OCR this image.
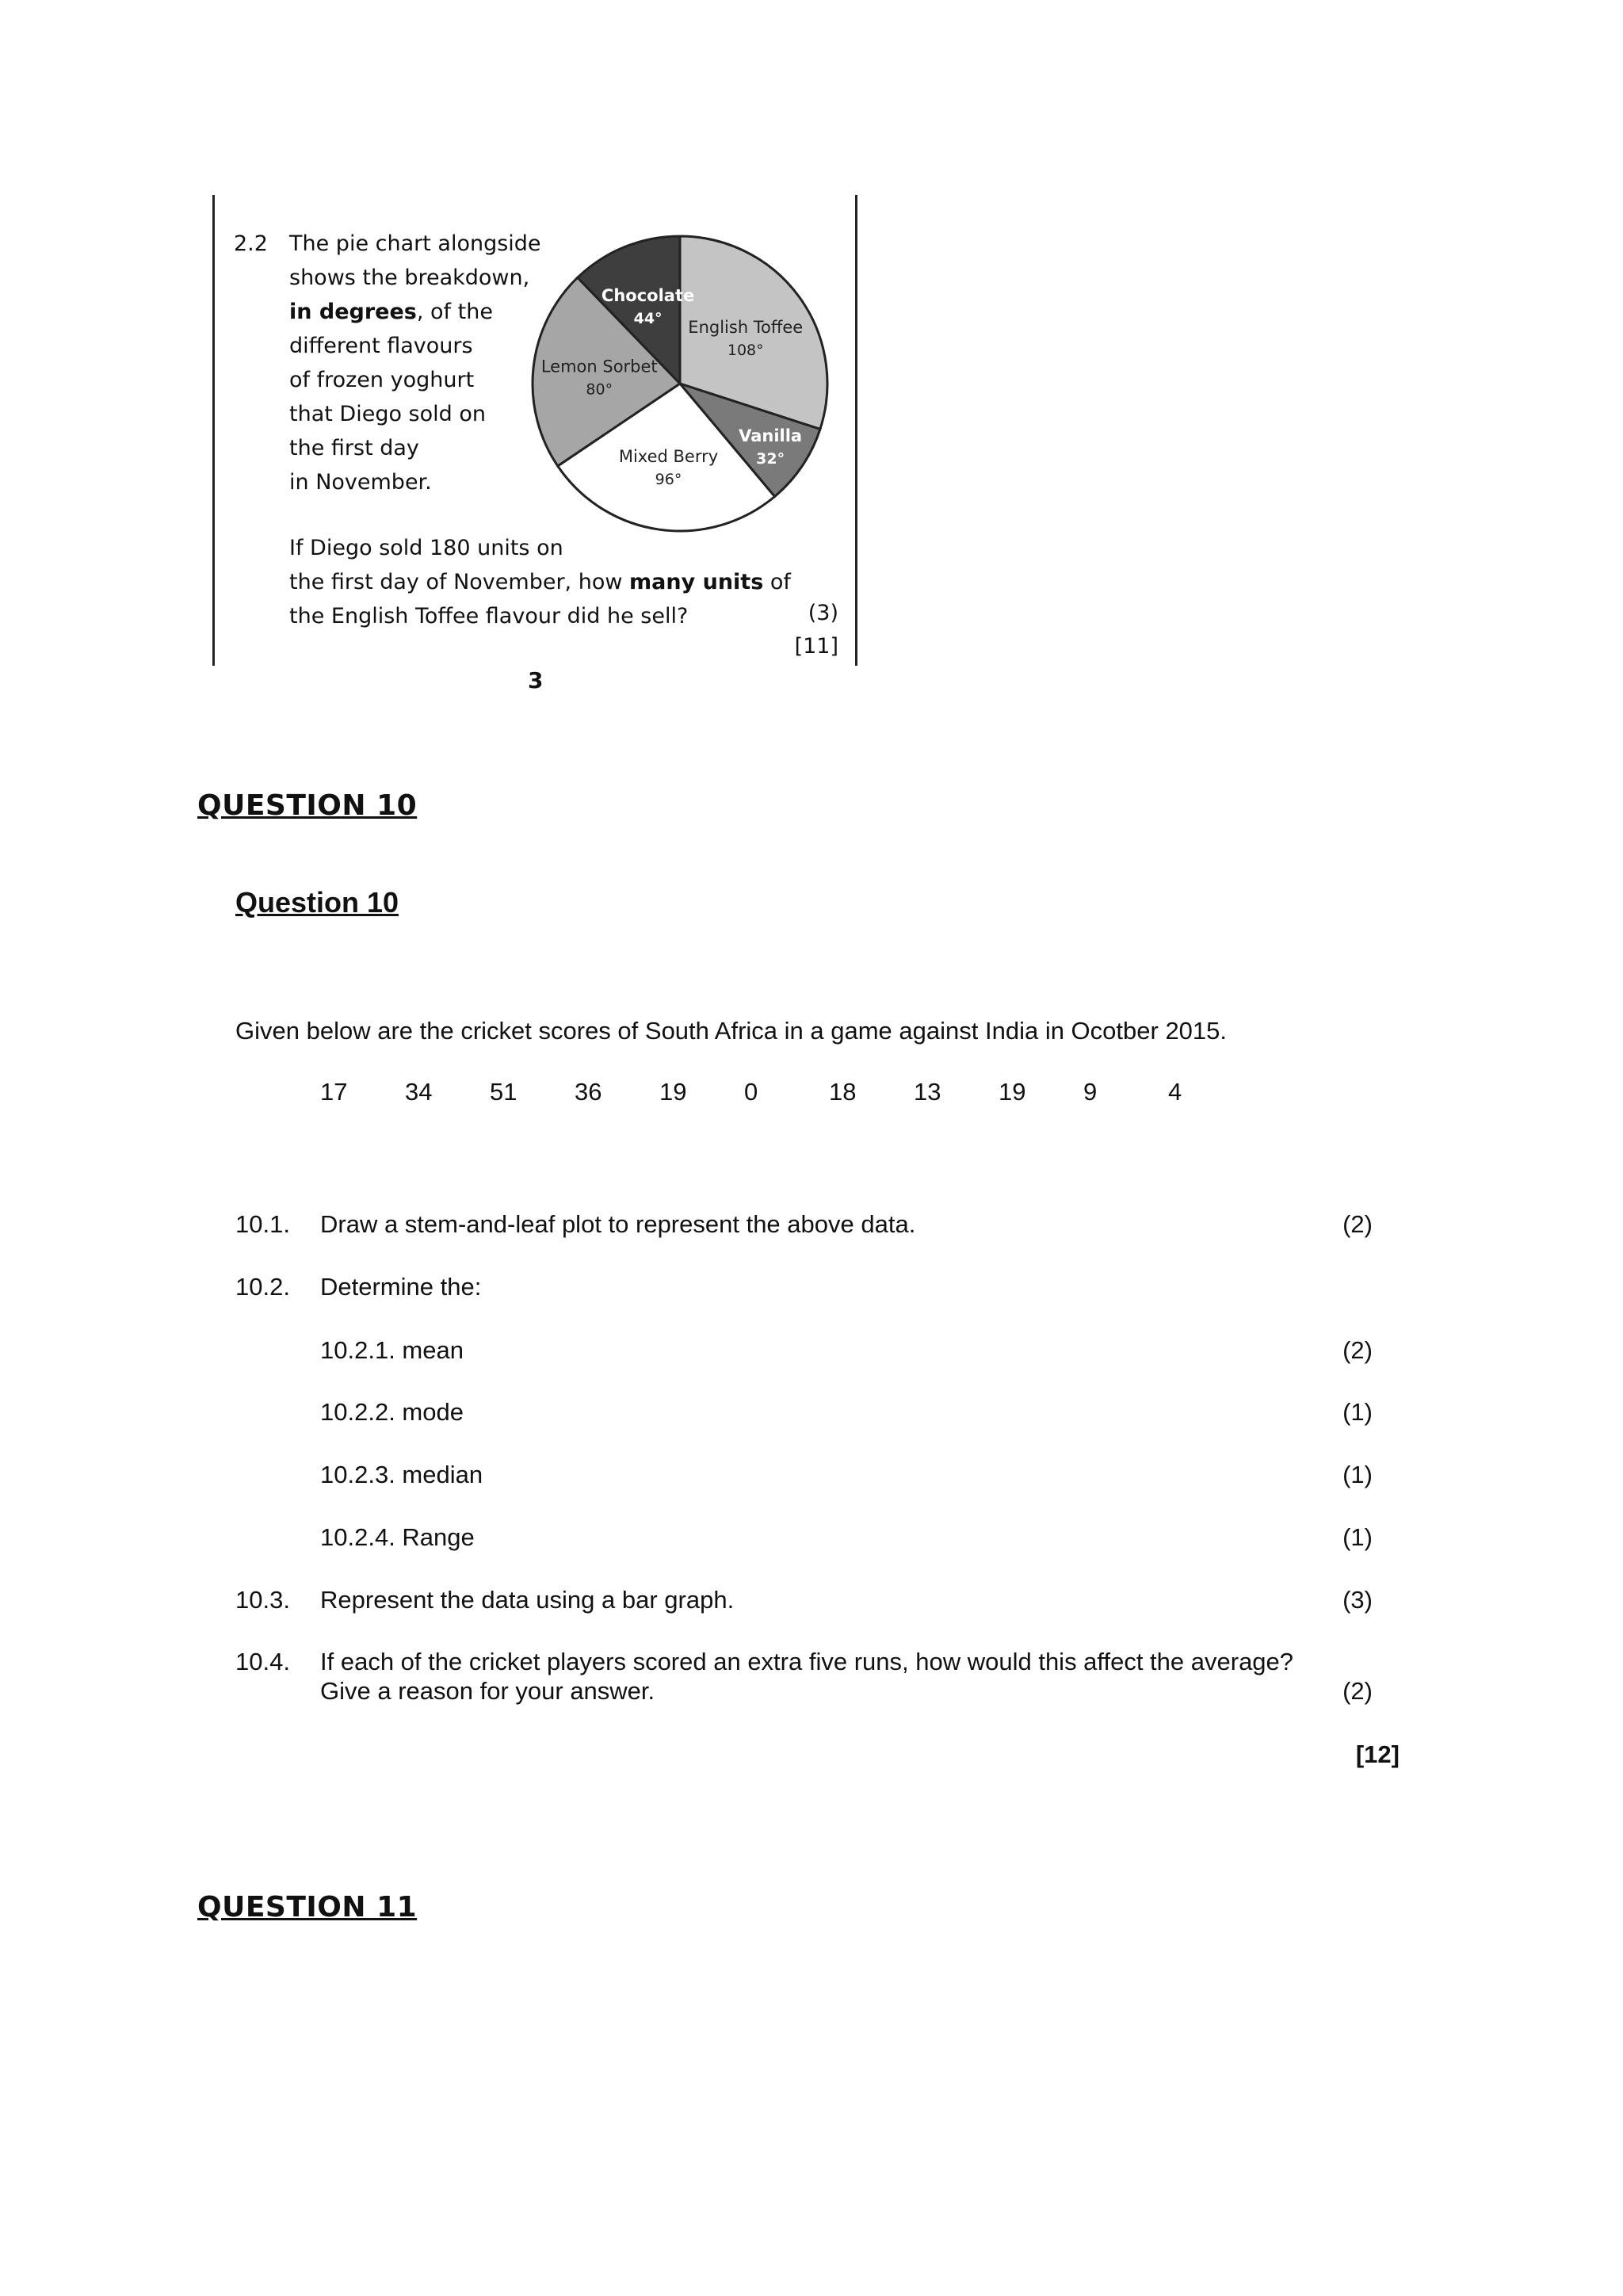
2.2 The pie chart alongside
shows the breakdown,
in degrees, of the
different flavours
of frozen yoghurt
that Diego sold on
the first day
in November.
English Toffee
108°
Vanilla
32°
Mixed Berry
96°
Lemon Sorbet
80°
Chocolate
44°
If Diego sold 180 units on
the first day of November, how many units of
the English Toffee flavour did he sell?	(3)
[11]
3
QUESTION 10
Question 10
Given below are the cricket scores of South Africa in a game against India in Ocotber 2015.
17 34 51 36 19 0	18 13 19 9	4
10.1. Draw a stem-and-leaf plot to represent the above data.	(2)
10.2. Determine the:
10.2.1. mean	(2)
10.2.2. mode	(1)
10.2.3. median	(1)
10.2.4. Range	(1)
10.3. Represent the data using a bar graph.	(3)
10.4. If each of the cricket players scored an extra five runs, how would this affect the average?
Give a reason for your answer.	(2)
[12]
QUESTION 11
